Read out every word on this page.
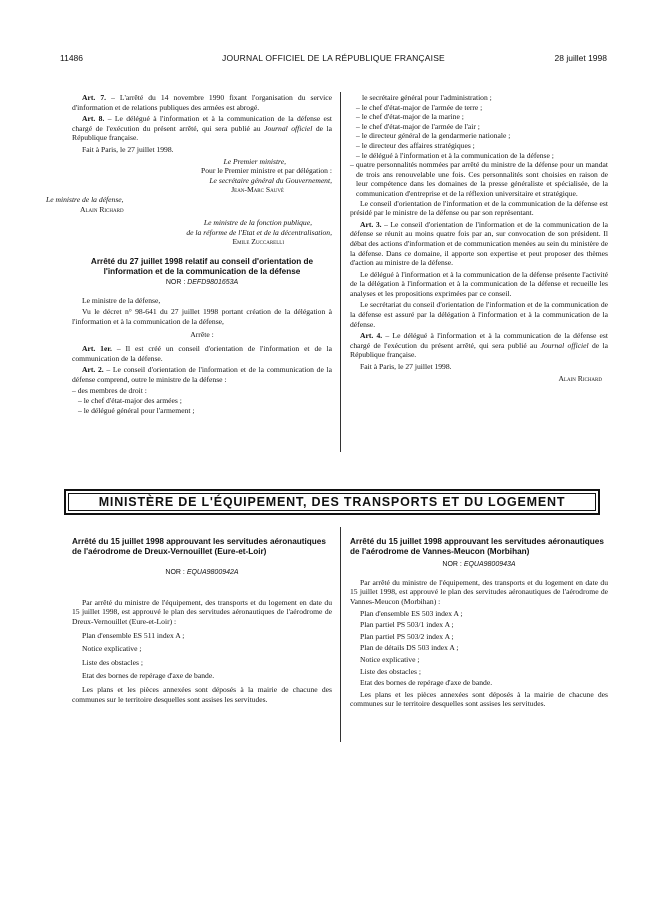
11486	JOURNAL OFFICIEL DE LA RÉPUBLIQUE FRANÇAISE	28 juillet 1998

Art. 7. – L'arrêté du 14 novembre 1990 fixant l'organisation du service d'information et de relations publiques des armées est abrogé.

Art. 8. – Le délégué à l'information et à la communication de la défense est chargé de l'exécution du présent arrêté, qui sera publié au Journal officiel de la République française.

Fait à Paris, le 27 juillet 1998.

Le Premier ministre,
Pour le Premier ministre et par délégation :
Le secrétaire général du Gouvernement,
Jean-Marc Sauvé
Le ministre de la défense,
Alain Richard
Le ministre de la fonction publique,
de la réforme de l'Etat et de la décentralisation,
Emile Zuccarelli
Arrêté du 27 juillet 1998 relatif au conseil d'orientation de l'information et de la communication de la défense
NOR : DEFD9801653A

Le ministre de la défense,

Vu le décret n° 98-641 du 27 juillet 1998 portant création de la délégation à l'information et à la communication de la défense,

Arrête :

Art. 1er. – Il est créé un conseil d'orientation de l'information et de la communication de la défense.

Art. 2. – Le conseil d'orientation de l'information et de la communication de la défense comprend, outre le ministre de la défense :

– des membres de droit :

– le chef d'état-major des armées ;

– le délégué général pour l'armement ;

le secrétaire général pour l'administration ;

– le chef d'état-major de l'armée de terre ;

– le chef d'état-major de la marine ;

– le chef d'état-major de l'armée de l'air ;

– le directeur général de la gendarmerie nationale ;

– le directeur des affaires stratégiques ;

– le délégué à l'information et à la communication de la défense ;

– quatre personnalités nommées par arrêté du ministre de la défense pour un mandat de trois ans renouvelable une fois. Ces personnalités sont choisies en raison de leur compétence dans les domaines de la presse généraliste et spécialisée, de la communication d'entreprise et de la réflexion universitaire et stratégique.

Le conseil d'orientation de l'information et de la communication de la défense est présidé par le ministre de la défense ou par son représentant.

Art. 3. – Le conseil d'orientation de l'information et de la communication de la défense se réunit au moins quatre fois par an, sur convocation de son président. Il débat des actions d'information et de communication menées au sein du ministère de la défense. Dans ce domaine, il apporte son expertise et peut proposer des thèmes d'action au ministre de la défense.

Le délégué à l'information et à la communication de la défense présente l'activité de la délégation à l'information et à la communication de la défense et recueille les analyses et les propositions exprimées par ce conseil.

Le secrétariat du conseil d'orientation de l'information et de la communication de la défense est assuré par la délégation à l'information et à la communication de la défense.

Art. 4. – Le délégué à l'information et à la communication de la défense est chargé de l'exécution du présent arrêté, qui sera publié au Journal officiel de la République française.

Fait à Paris, le 27 juillet 1998.

Alain Richard
MINISTÈRE DE L'ÉQUIPEMENT, DES TRANSPORTS ET DU LOGEMENT
Arrêté du 15 juillet 1998 approuvant les servitudes aéronautiques de l'aérodrome de Dreux-Vernouillet (Eure-et-Loir)
NOR : EQUA9800942A

Par arrêté du ministre de l'équipement, des transports et du logement en date du 15 juillet 1998, est approuvé le plan des servitudes aéronautiques de l'aérodrome de Dreux-Vernouillet (Eure-et-Loir) :

Plan d'ensemble ES 511 index A ;

Notice explicative ;

Liste des obstacles ;

Etat des bornes de repérage d'axe de bande.

Les plans et les pièces annexées sont déposés à la mairie de chacune des communes sur le territoire desquelles sont assises les servitudes.

Arrêté du 15 juillet 1998 approuvant les servitudes aéronautiques de l'aérodrome de Vannes-Meucon (Morbihan)
NOR : EQUA9800943A

Par arrêté du ministre de l'équipement, des transports et du logement en date du 15 juillet 1998, est approuvé le plan des servitudes aéronautiques de l'aérodrome de Vannes-Meucon (Morbihan) :

Plan d'ensemble ES 503 index A ;

Plan partiel PS 503/1 index A ;

Plan partiel PS 503/2 index A ;

Plan de détails DS 503 index A ;

Notice explicative ;

Liste des obstacles ;

Etat des bornes de repérage d'axe de bande.

Les plans et les pièces annexées sont déposés à la mairie de chacune des communes sur le territoire desquelles sont assises les servitudes.
